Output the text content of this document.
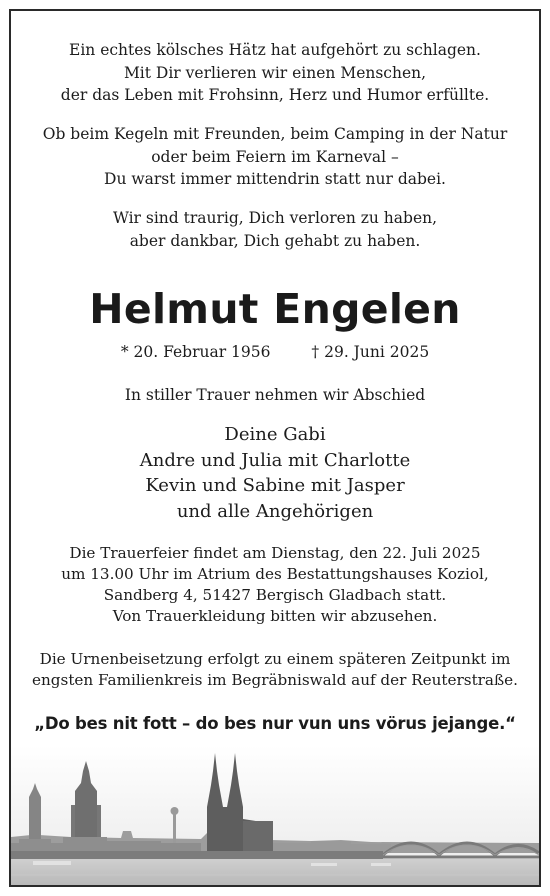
Ein echtes kölsches Hätz hat aufgehört zu schlagen.
Mit Dir verlieren wir einen Menschen,
der das Leben mit Frohsinn, Herz und Humor erfüllte.
Ob beim Kegeln mit Freunden, beim Camping in der Natur
oder beim Feiern im Karneval –
Du warst immer mittendrin statt nur dabei.
Wir sind traurig, Dich verloren zu haben,
aber dankbar, Dich gehabt zu haben.
Helmut Engelen
* 20. Februar 1956	† 29. Juni 2025
In stiller Trauer nehmen wir Abschied
Deine Gabi
Andre und Julia mit Charlotte
Kevin und Sabine mit Jasper
und alle Angehörigen
Die Trauerfeier findet am Dienstag, den 22. Juli 2025
um 13.00 Uhr im Atrium des Bestattungshauses Koziol,
Sandberg 4, 51427 Bergisch Gladbach statt.
Von Trauerkleidung bitten wir abzusehen.
Die Urnenbeisetzung erfolgt zu einem späteren Zeitpunkt im
engsten Familienkreis im Begräbniswald auf der Reuterstraße.
„Do bes nit fott – do bes nur vun uns vörus jejange.“
